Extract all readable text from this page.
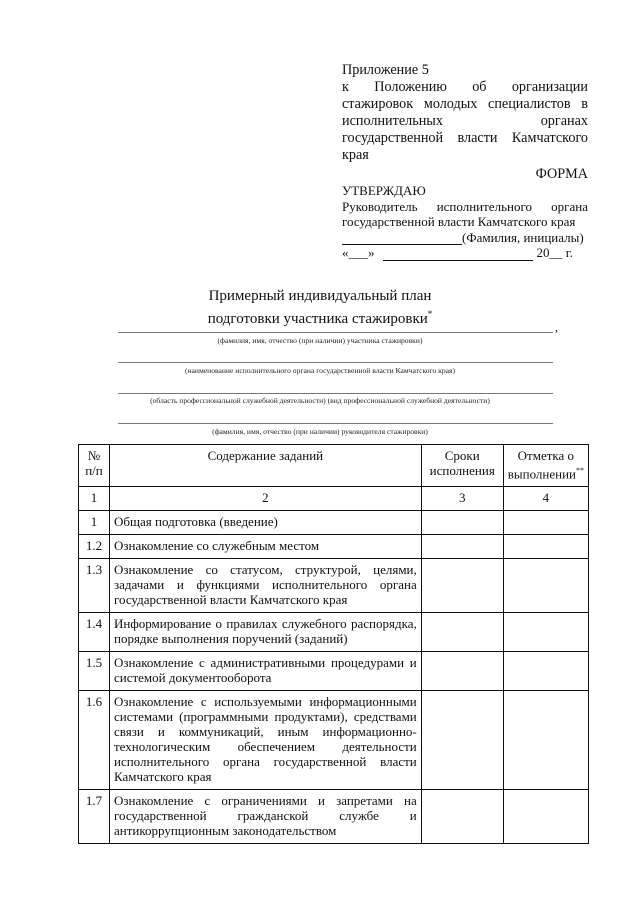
Приложение 5
к Положению об организации
стажировок молодых специалистов в
исполнительных органах
государственной власти Камчатского
края
ФОРМА
УТВЕРЖДАЮ
Руководитель исполнительного органа
государственной власти Камчатского края
(Фамилия, инициалы)
«___»	20__ г.
Примерный индивидуальный план
подготовки участника стажировки*
,
(фамилия, имя, отчество (при наличии) участника стажировки)
(наименование исполнительного органа государственной власти Камчатского края)
(область профессиональной служебной деятельности) (вид профессиональной служебной деятельности)
(фамилия, имя, отчество (при наличии) руководителя стажировки)
№ п/п	Содержание заданий	Сроки исполнения	Отметка о выполнении**
1	2	3	4
1	Общая подготовка (введение)		
1.2	Ознакомление со служебным местом		
1.3	Ознакомление со статусом, структурой, целями, задачами и функциями исполнительного органа государственной власти Камчатского края		
1.4	Информирование о правилах служебного распорядка, порядке выполнения поручений (заданий)		
1.5	Ознакомление с административными процедурами и системой документооборота		
1.6	Ознакомление с используемыми информационными системами (программными продуктами), средствами связи и коммуникаций, иным информационно-технологическим обеспечением деятельности исполнительного органа государственной власти Камчатского края		
1.7	Ознакомление с ограничениями и запретами на государственной гражданской службе и антикоррупционным законодательством		
